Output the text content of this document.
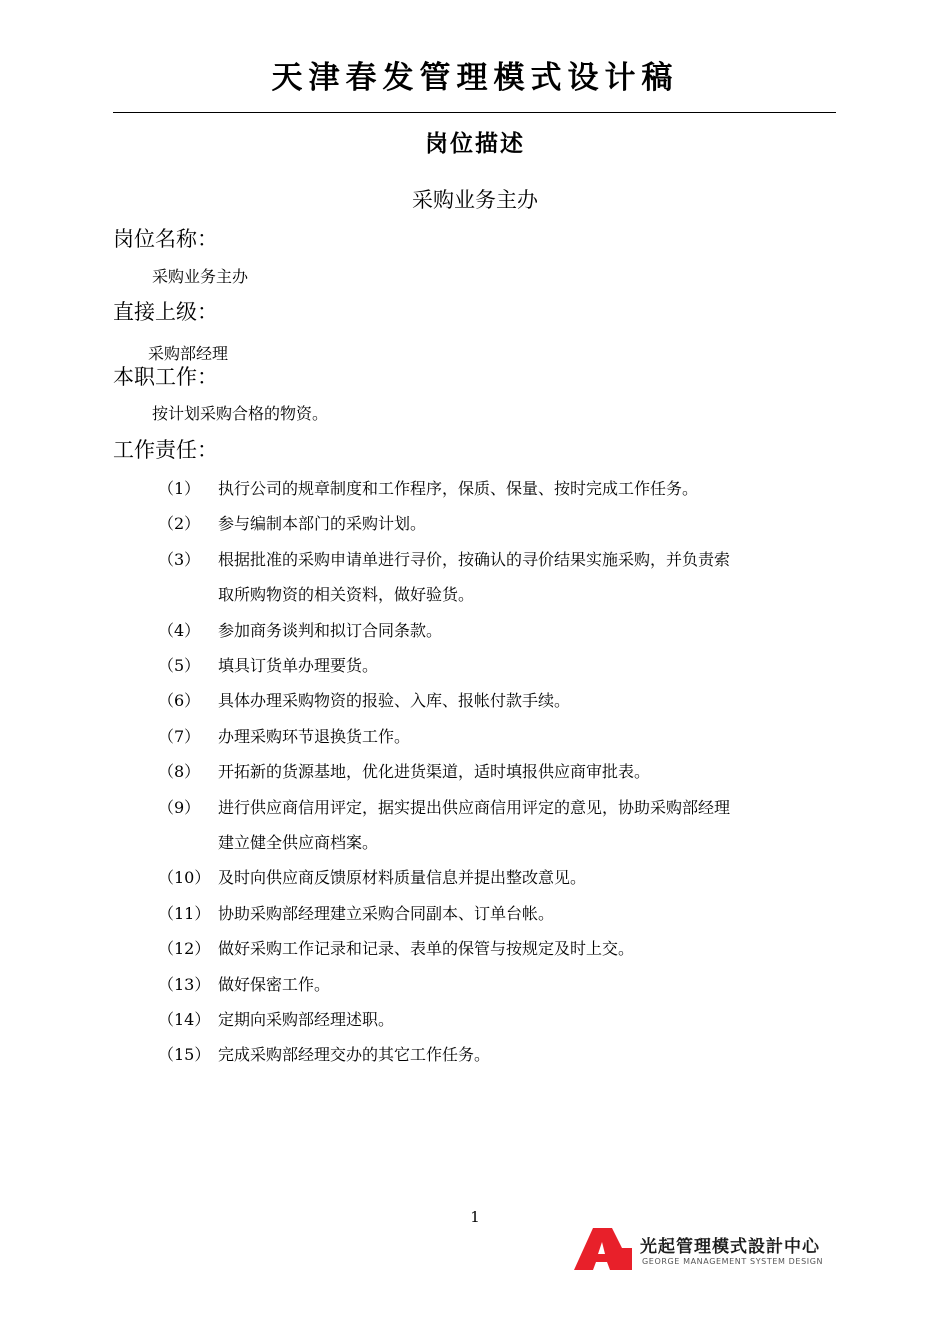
天津春发管理模式设计稿
岗位描述
采购业务主办
岗位名称：
采购业务主办
直接上级：
采购部经理
本职工作：
按计划采购合格的物资。
工作责任：
（1） 执行公司的规章制度和工作程序，保质、保量、按时完成工作任务。
（2） 参与编制本部门的采购计划。
（3） 根据批准的采购申请单进行寻价，按确认的寻价结果实施采购，并负责索
取所购物资的相关资料，做好验货。
（4） 参加商务谈判和拟订合同条款。
（5） 填具订货单办理要货。
（6） 具体办理采购物资的报验、入库、报帐付款手续。
（7） 办理采购环节退换货工作。
（8） 开拓新的货源基地，优化进货渠道，适时填报供应商审批表。
（9） 进行供应商信用评定，据实提出供应商信用评定的意见，协助采购部经理
建立健全供应商档案。
（10） 及时向供应商反馈原材料质量信息并提出整改意见。
（11） 协助采购部经理建立采购合同副本、订单台帐。
（12） 做好采购工作记录和记录、表单的保管与按规定及时上交。
（13） 做好保密工作。
（14） 定期向采购部经理述职。
（15） 完成采购部经理交办的其它工作任务。
1
光起管理模式設計中心
GEORGE MANAGEMENT SYSTEM DESIGN
